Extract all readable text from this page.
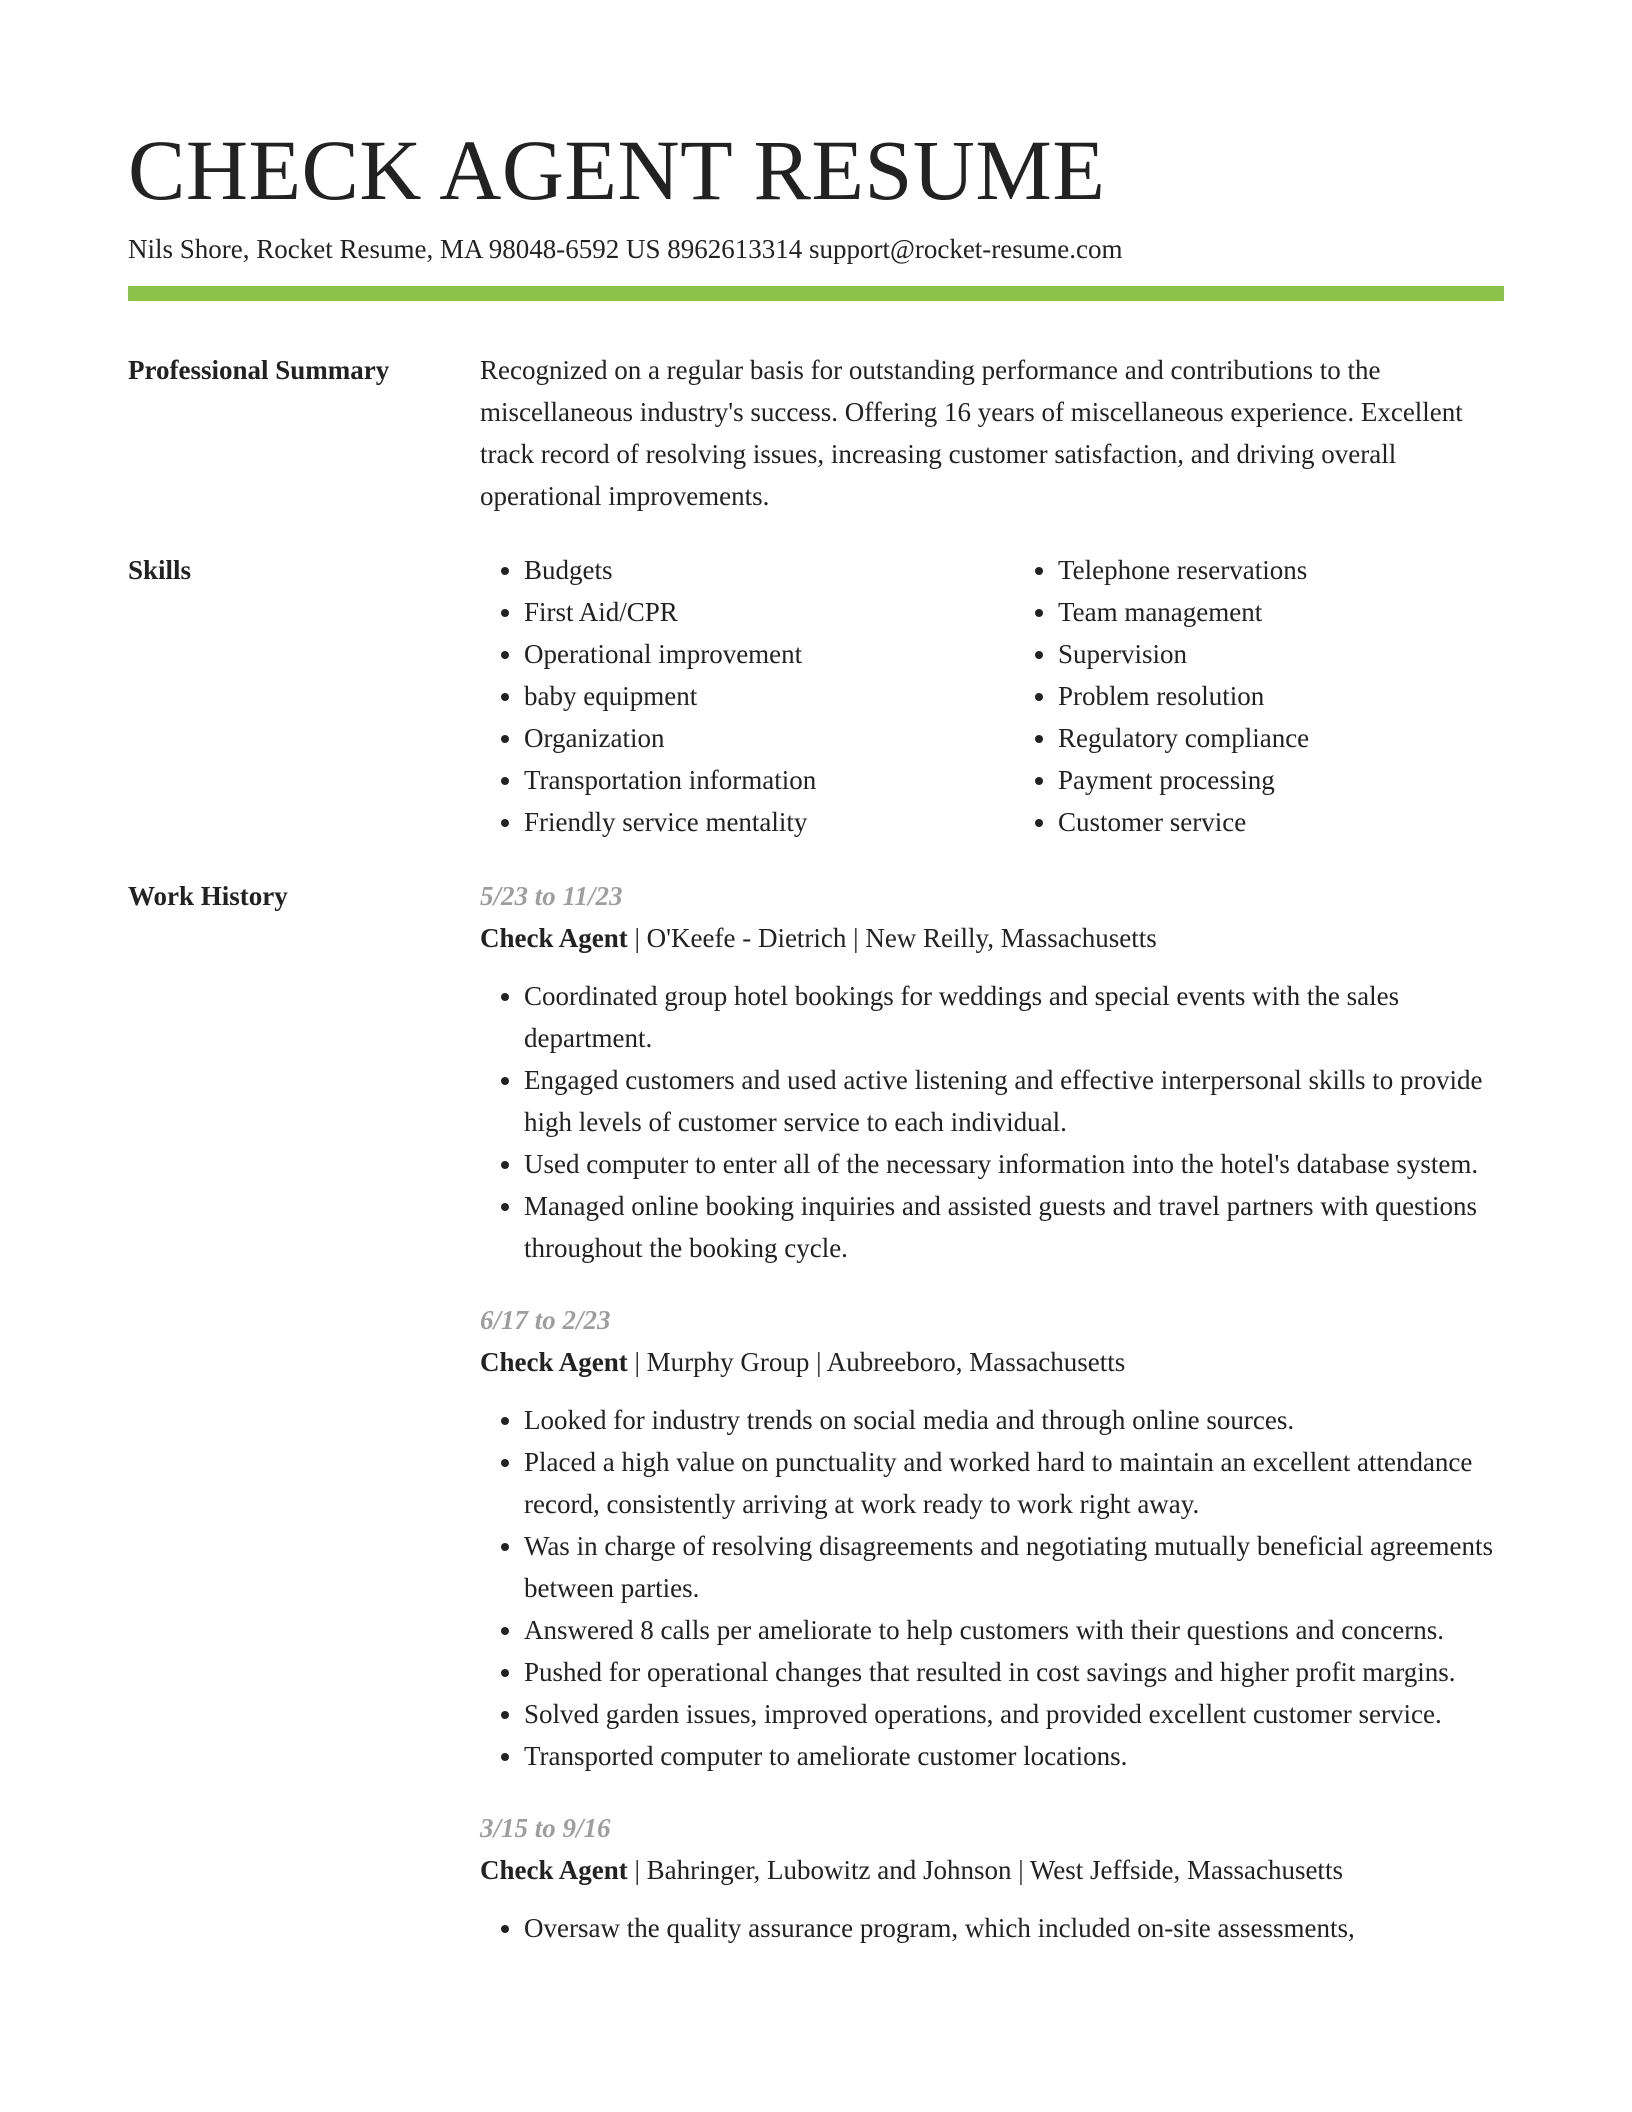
CHECK AGENT RESUME
Nils Shore, Rocket Resume, MA 98048-6592 US 8962613314 support@rocket-resume.com
Professional Summary	Recognized on a regular basis for outstanding performance and contributions to the miscellaneous industry's success. Offering 16 years of miscellaneous experience. Excellent track record of resolving issues, increasing customer satisfaction, and driving overall operational improvements.

Skills
•	Budgets
• First Aid/CPR
• Operational improvement
• baby equipment
• Organization
• Transportation information
• Friendly service mentality
• Telephone reservations
• Team management
• Supervision
• Problem resolution
• Regulatory compliance
• Payment processing
• Customer service
Work History	5/23 to 11/23
Check Agent | O'Keefe - Dietrich | New Reilly, Massachusetts
• Coordinated group hotel bookings for weddings and special events with the sales department.
• Engaged customers and used active listening and effective interpersonal skills to provide high levels of customer service to each individual.
• Used computer to enter all of the necessary information into the hotel's database system.
• Managed online booking inquiries and assisted guests and travel partners with questions throughout the booking cycle.
6/17 to 2/23
Check Agent | Murphy Group | Aubreeboro, Massachusetts
• Looked for industry trends on social media and through online sources.
• Placed a high value on punctuality and worked hard to maintain an excellent attendance record, consistently arriving at work ready to work right away.
• Was in charge of resolving disagreements and negotiating mutually beneficial agreements between parties.
• Answered 8 calls per ameliorate to help customers with their questions and concerns.
• Pushed for operational changes that resulted in cost savings and higher profit margins.
• Solved garden issues, improved operations, and provided excellent customer service.
• Transported computer to ameliorate customer locations.
3/15 to 9/16
Check Agent | Bahringer, Lubowitz and Johnson | West Jeffside, Massachusetts
• Oversaw the quality assurance program, which included on-site assessments,
